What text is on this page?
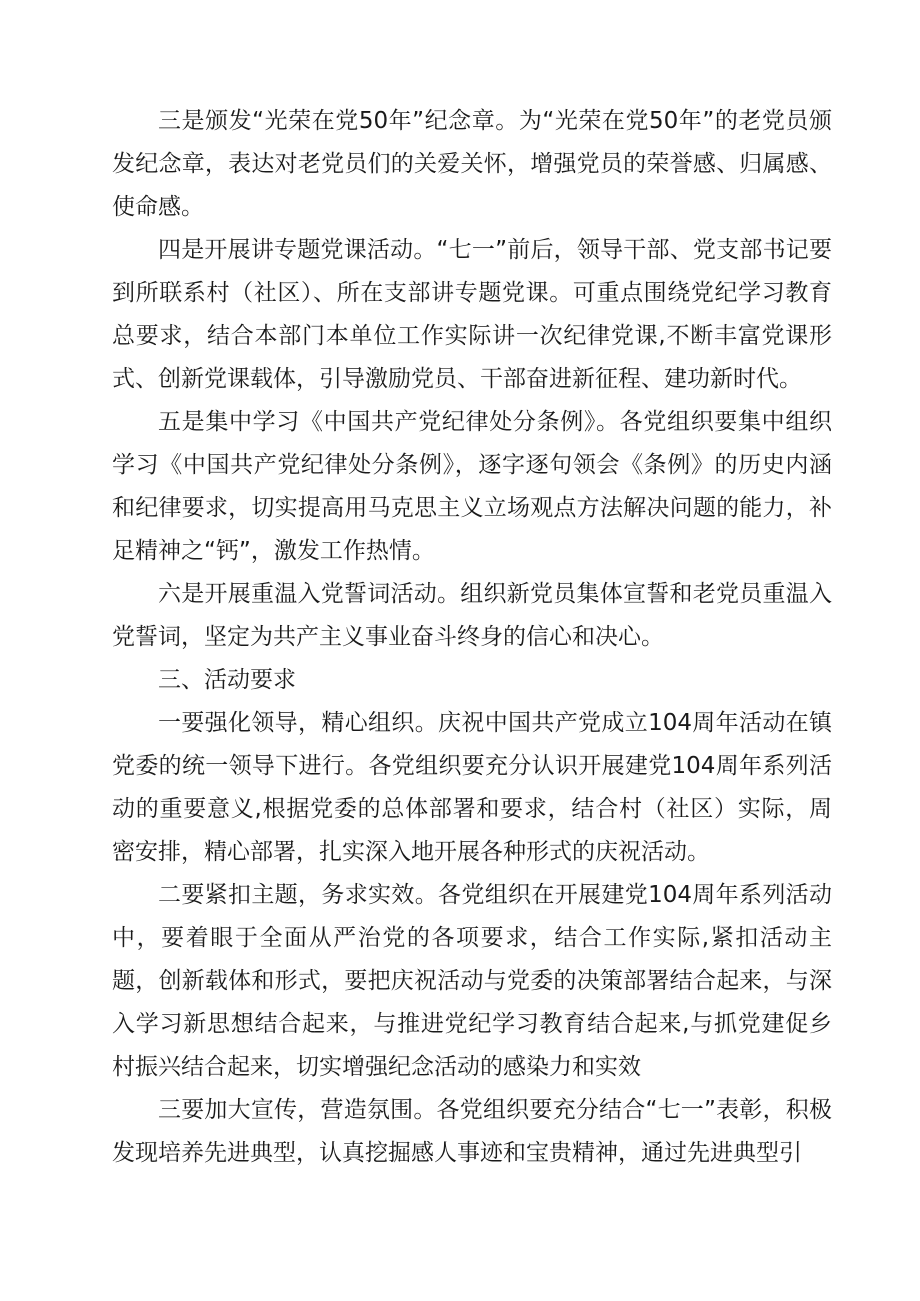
三是颁发“光荣在党50年”纪念章。为“光荣在党50年”的老党员颁发纪念章，表达对老党员们的关爱关怀，增强党员的荣誉感、归属感、使命感。

四是开展讲专题党课活动。“七一”前后，领导干部、党支部书记要到所联系村（社区）、所在支部讲专题党课。可重点围绕党纪学习教育总要求，结合本部门本单位工作实际讲一次纪律党课,不断丰富党课形式、创新党课载体，引导激励党员、干部奋进新征程、建功新时代。

五是集中学习《中国共产党纪律处分条例》。各党组织要集中组织学习《中国共产党纪律处分条例》，逐字逐句领会《条例》的历史内涵和纪律要求，切实提高用马克思主义立场观点方法解决问题的能力，补足精神之“钙”，激发工作热情。

六是开展重温入党誓词活动。组织新党员集体宣誓和老党员重温入党誓词，坚定为共产主义事业奋斗终身的信心和决心。

三、活动要求

一要强化领导，精心组织。庆祝中国共产党成立104周年活动在镇党委的统一领导下进行。各党组织要充分认识开展建党104周年系列活动的重要意义,根据党委的总体部署和要求，结合村（社区）实际，周密安排，精心部署，扎实深入地开展各种形式的庆祝活动。

二要紧扣主题，务求实效。各党组织在开展建党104周年系列活动中，要着眼于全面从严治党的各项要求，结合工作实际,紧扣活动主题，创新载体和形式，要把庆祝活动与党委的决策部署结合起来，与深入学习新思想结合起来，与推进党纪学习教育结合起来,与抓党建促乡村振兴结合起来，切实增强纪念活动的感染力和实效

三要加大宣传，营造氛围。各党组织要充分结合“七一”表彰，积极发现培养先进典型，认真挖掘感人事迹和宝贵精神，通过先进典型引
